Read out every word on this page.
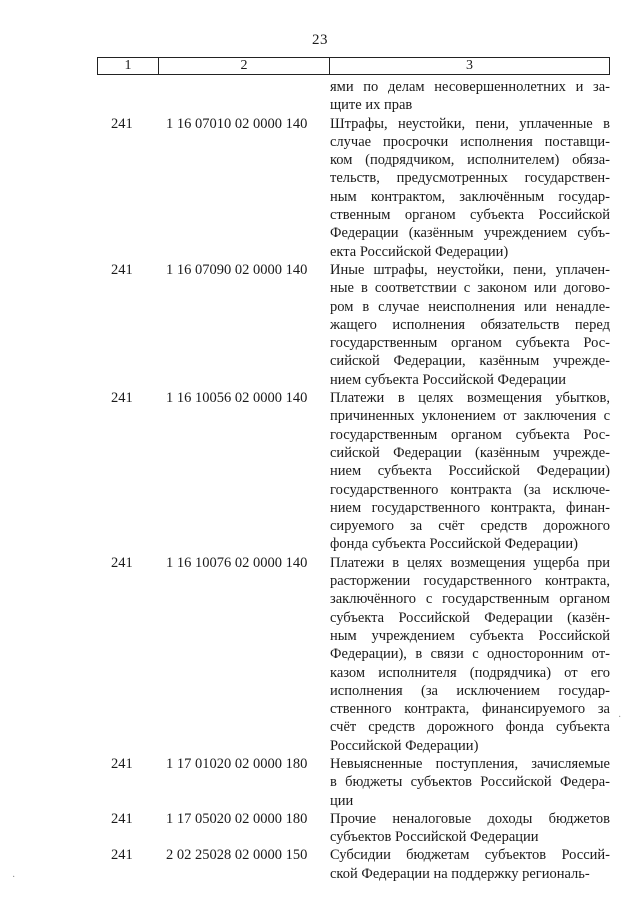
23
1	2	3
ями по делам несовершеннолетних и за-
щите их прав
241	1 16 07010 02 0000 140	Штрафы, неустойки, пени, уплаченные в
случае просрочки исполнения поставщи-
ком (подрядчиком, исполнителем) обяза-
тельств, предусмотренных государствен-
ным контрактом, заключённым государ-
ственным органом субъекта Российской
Федерации (казённым учреждением субъ-
екта Российской Федерации)
241	1 16 07090 02 0000 140	Иные штрафы, неустойки, пени, уплачен-
ные в соответствии с законом или догово-
ром в случае неисполнения или ненадле-
жащего исполнения обязательств перед
государственным органом субъекта Рос-
сийской Федерации, казённым учрежде-
нием субъекта Российской Федерации
241	1 16 10056 02 0000 140	Платежи в целях возмещения убытков,
причиненных уклонением от заключения с
государственным органом субъекта Рос-
сийской Федерации (казённым учрежде-
нием субъекта Российской Федерации)
государственного контракта (за исключе-
нием государственного контракта, финан-
сируемого за счёт средств дорожного
фонда субъекта Российской Федерации)
241	1 16 10076 02 0000 140	Платежи в целях возмещения ущерба при
расторжении государственного контракта,
заключённого с государственным органом
субъекта Российской Федерации (казён-
ным учреждением субъекта Российской
Федерации), в связи с односторонним от-
казом исполнителя (подрядчика) от его
исполнения (за исключением государ-
ственного контракта, финансируемого за
счёт средств дорожного фонда субъекта
Российской Федерации)
241	1 17 01020 02 0000 180	Невыясненные поступления, зачисляемые
в бюджеты субъектов Российской Федера-
ции
241	1 17 05020 02 0000 180	Прочие неналоговые доходы бюджетов
субъектов Российской Федерации
241	2 02 25028 02 0000 150	Субсидии бюджетам субъектов Россий-
ской Федерации на поддержку региональ-
·
·
